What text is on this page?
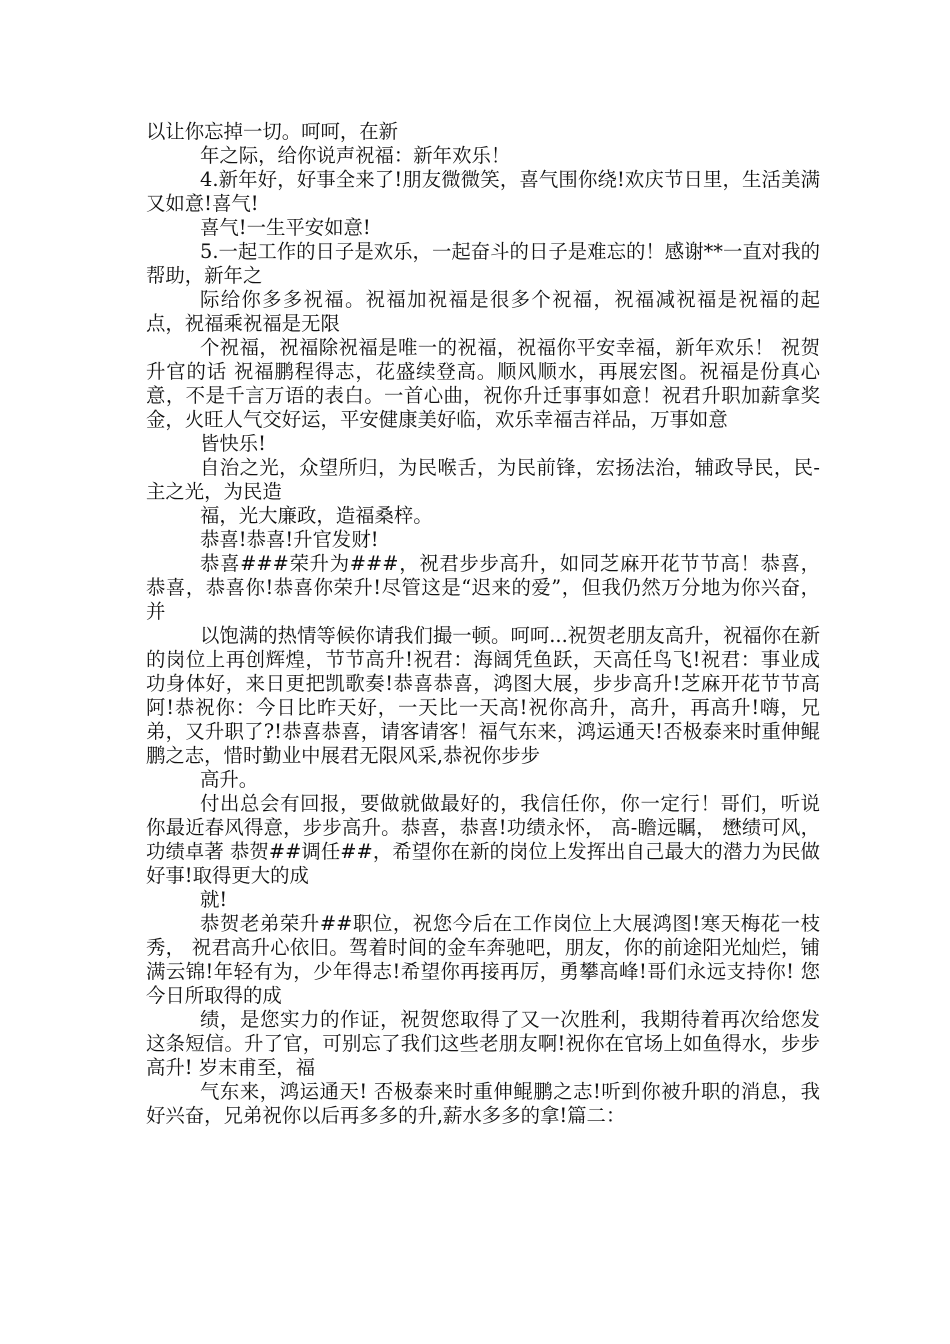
以让你忘掉一切。呵呵，在新

年之际，给你说声祝福：新年欢乐！

4.新年好，好事全来了!朋友微微笑，喜气围你绕!欢庆节日里，生活美满又如意!喜气!

喜气!一生平安如意!

5.一起工作的日子是欢乐，一起奋斗的日子是难忘的！感谢**一直对我的帮助，新年之

际给你多多祝福。祝福加祝福是很多个祝福，祝福减祝福是祝福的起点，祝福乘祝福是无限

个祝福，祝福除祝福是唯一的祝福，祝福你平安幸福，新年欢乐！ 祝贺升官的话 祝福鹏程得志，花盛续登高。顺风顺水，再展宏图。祝福是份真心意，不是千言万语的表白。一首心曲，祝你升迁事事如意！祝君升职加薪拿奖金，火旺人气交好运，平安健康美好临，欢乐幸福吉祥品，万事如意

皆快乐!

自治之光，众望所归，为民喉舌，为民前锋，宏扬法治，辅政导民，民-主之光，为民造

福，光大廉政，造福桑梓。

恭喜!恭喜!升官发财!

恭喜###荣升为###，祝君步步高升，如同芝麻开花节节高！恭喜，恭喜，恭喜你!恭喜你荣升!尽管这是“迟来的爱”，但我仍然万分地为你兴奋，并

以饱满的热情等候你请我们撮一顿。呵呵...祝贺老朋友高升，祝福你在新的岗位上再创辉煌，节节高升!祝君：海阔凭鱼跃，天高任鸟飞!祝君：事业成功身体好，来日更把凯歌奏!恭喜恭喜，鸿图大展，步步高升!芝麻开花节节高阿!恭祝你：今日比昨天好，一天比一天高!祝你高升，高升，再高升!嗨，兄弟，又升职了?!恭喜恭喜，请客请客！福气东来，鸿运通天!否极泰来时重伸鲲鹏之志，惜时勤业中展君无限风采,恭祝你步步

高升。

付出总会有回报，要做就做最好的，我信任你，你一定行！哥们，听说你最近春风得意，步步高升。恭喜，恭喜!功绩永怀， 高-瞻远瞩， 懋绩可风， 功绩卓著 恭贺##调任##，希望你在新的岗位上发挥出自己最大的潜力为民做好事!取得更大的成

就!

恭贺老弟荣升##职位，祝您今后在工作岗位上大展鸿图!寒天梅花一枝秀， 祝君高升心依旧。驾着时间的金车奔驰吧，朋友，你的前途阳光灿烂，铺满云锦!年轻有为，少年得志!希望你再接再厉，勇攀高峰!哥们永远支持你! 您今日所取得的成

绩，是您实力的作证，祝贺您取得了又一次胜利，我期待着再次给您发这条短信。升了官，可别忘了我们这些老朋友啊!祝你在官场上如鱼得水，步步高升! 岁末甫至，福

气东来，鸿运通天! 否极泰来时重伸鲲鹏之志!听到你被升职的消息，我好兴奋，兄弟祝你以后再多多的升,薪水多多的拿!篇二：
